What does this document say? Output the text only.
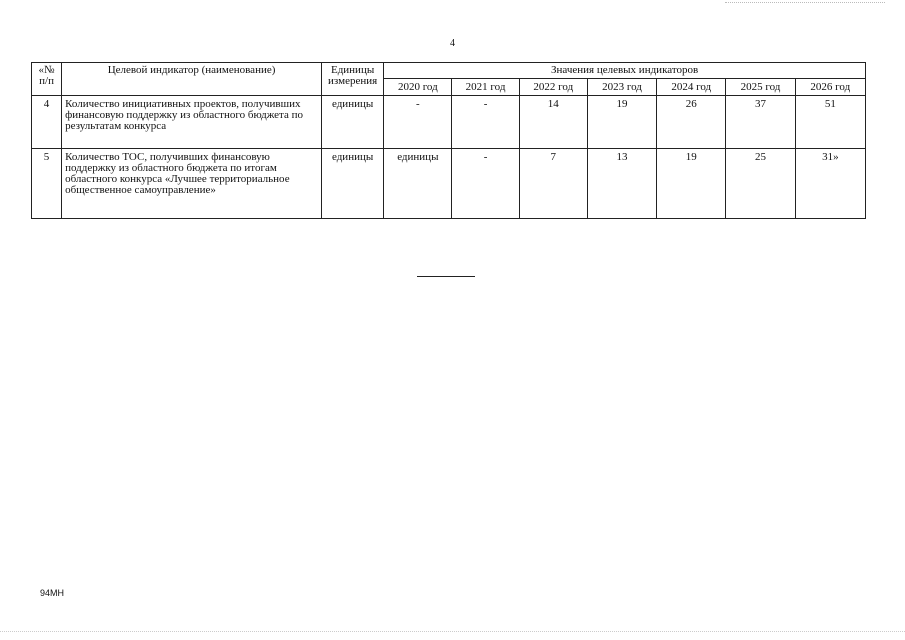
4
«№ п/п	Целевой индикатор (наименование)	Единицы измерения	Значения целевых индикаторов						
			2020 год	2021 год	2022 год	2023 год	2024 год	2025 год	2026 год
4	Количество инициативных проектов, получивших финансовую поддержку из областного бюджета по результатам конкурса	единицы	-	-	14	19	26	37	51
5	Количество ТОС, получивших финансовую поддержку из областного бюджета по итогам областного конкурса «Лучшее территориальное общественное самоуправление»	единицы	единицы	-	7	13	19	25	31»
94МН
